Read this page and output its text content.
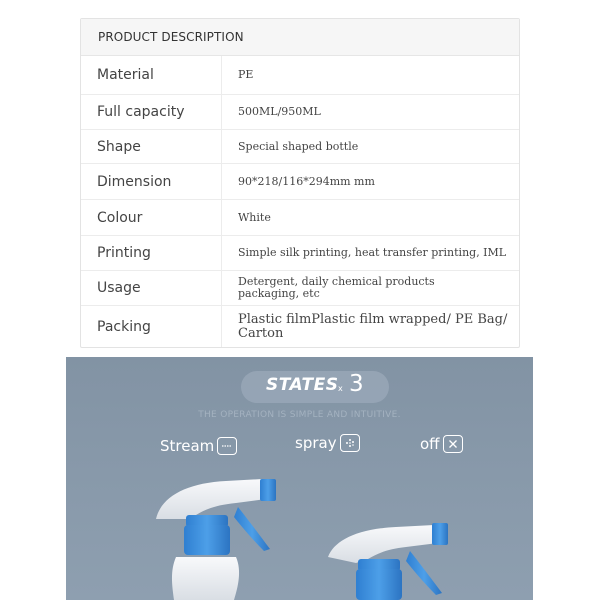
PRODUCT DESCRIPTION
Material	PE
Full capacity	500ML/950ML
Shape	Special shaped bottle
Dimension	90*218/116*294mm mm
Colour	White
Printing	Simple silk printing, heat transfer printing, IML
Usage	Detergent, daily chemical products packaging, etc
Packing	Plastic filmPlastic film wrapped/ PE Bag/ Carton
STATES x 3
THE OPERATION IS SIMPLE AND INTUITIVE.
Stream	spray	off
